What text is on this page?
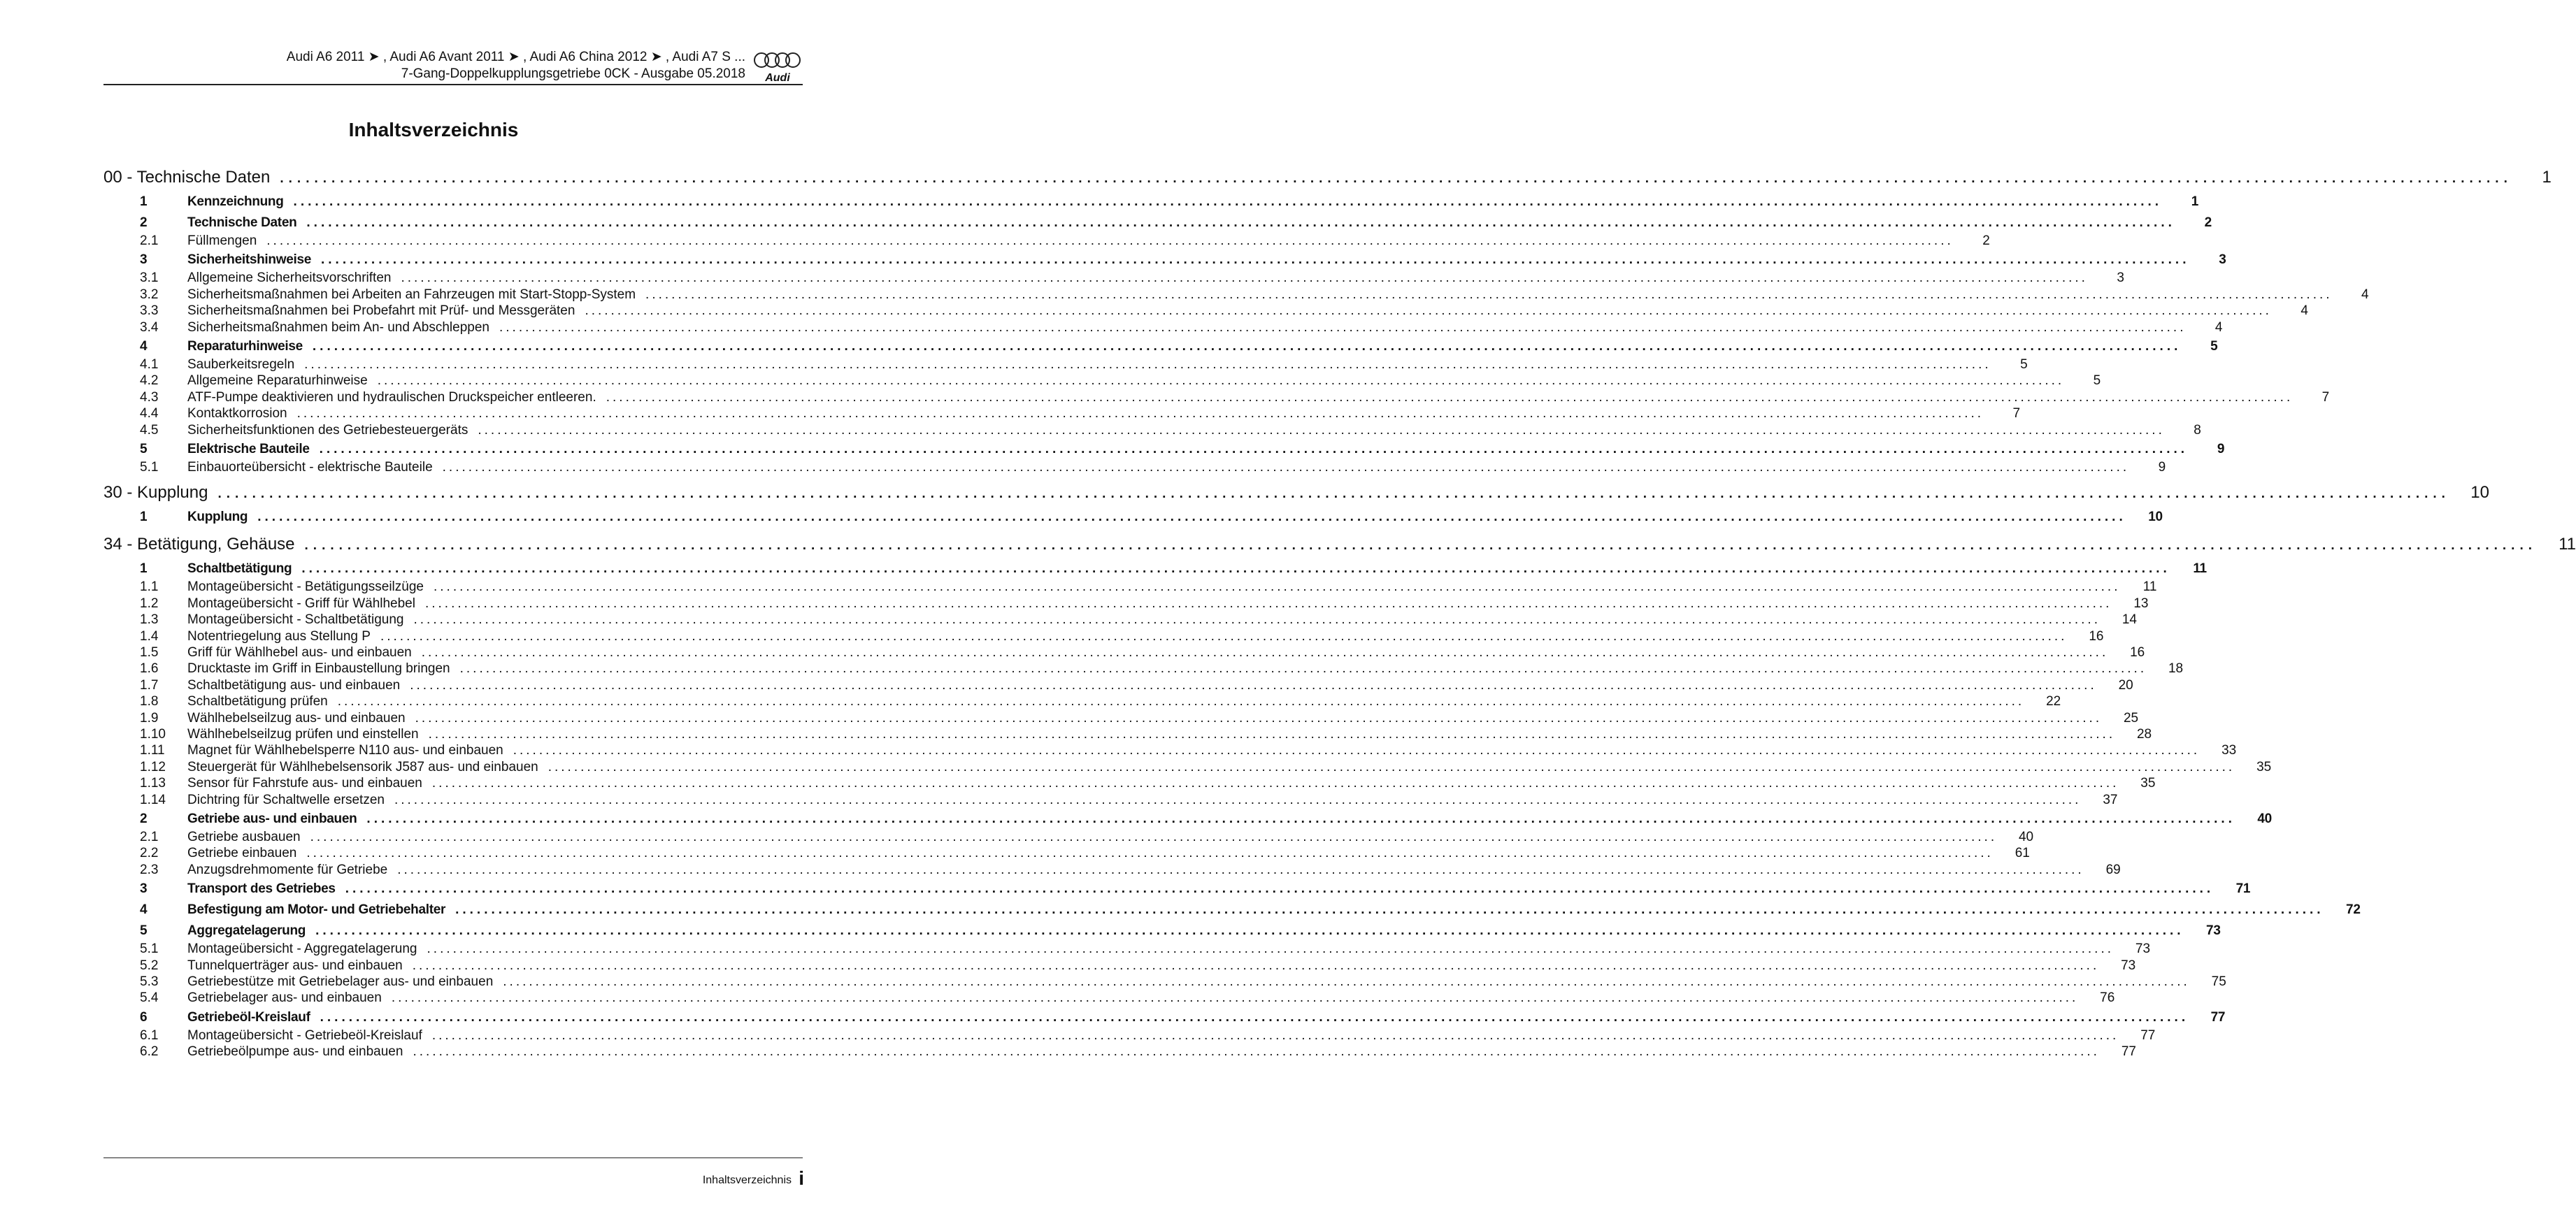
Audi A6 2011 ➤ , Audi A6 Avant 2011 ➤ , Audi A6 China 2012 ➤ , Audi A7 S ...
7-Gang-Doppelkupplungsgetriebe 0CK - Ausgabe 05.2018 Audi
Inhaltsverzeichnis
00 - Technische Daten ....................................................................................................................................................................................................................................................................	1
1	Kennzeichnung ....................................................................................................................................................................................................................................................................	1
2	Technische Daten ....................................................................................................................................................................................................................................................................	2
2.1	Füllmengen ....................................................................................................................................................................................................................................................................	2
3	Sicherheitshinweise ....................................................................................................................................................................................................................................................................	3
3.1	Allgemeine Sicherheitsvorschriften ....................................................................................................................................................................................................................................................................	3
3.2	Sicherheitsmaßnahmen bei Arbeiten an Fahrzeugen mit Start-Stopp-System ....................................................................................................................................................................................................................................................................	4
3.3	Sicherheitsmaßnahmen bei Probefahrt mit Prüf- und Messgeräten ....................................................................................................................................................................................................................................................................	4
3.4	Sicherheitsmaßnahmen beim An- und Abschleppen ....................................................................................................................................................................................................................................................................	4
4	Reparaturhinweise ....................................................................................................................................................................................................................................................................	5
4.1	Sauberkeitsregeln ....................................................................................................................................................................................................................................................................	5
4.2	Allgemeine Reparaturhinweise ....................................................................................................................................................................................................................................................................	5
4.3	ATF-Pumpe deaktivieren und hydraulischen Druckspeicher entleeren. ....................................................................................................................................................................................................................................................................	7
4.4	Kontaktkorrosion ....................................................................................................................................................................................................................................................................	7
4.5	Sicherheitsfunktionen des Getriebesteuergeräts ....................................................................................................................................................................................................................................................................	8
5	Elektrische Bauteile ....................................................................................................................................................................................................................................................................	9
5.1	Einbauorteübersicht - elektrische Bauteile ....................................................................................................................................................................................................................................................................	9
30 - Kupplung ....................................................................................................................................................................................................................................................................	10
1	Kupplung ....................................................................................................................................................................................................................................................................	10
34 - Betätigung, Gehäuse ....................................................................................................................................................................................................................................................................	11
1	Schaltbetätigung ....................................................................................................................................................................................................................................................................	11
1.1	Montageübersicht - Betätigungsseilzüge ....................................................................................................................................................................................................................................................................	11
1.2	Montageübersicht - Griff für Wählhebel ....................................................................................................................................................................................................................................................................	13
1.3	Montageübersicht - Schaltbetätigung ....................................................................................................................................................................................................................................................................	14
1.4	Notentriegelung aus Stellung P ....................................................................................................................................................................................................................................................................	16
1.5	Griff für Wählhebel aus- und einbauen ....................................................................................................................................................................................................................................................................	16
1.6	Drucktaste im Griff in Einbaustellung bringen ....................................................................................................................................................................................................................................................................	18
1.7	Schaltbetätigung aus- und einbauen ....................................................................................................................................................................................................................................................................	20
1.8	Schaltbetätigung prüfen ....................................................................................................................................................................................................................................................................	22
1.9	Wählhebelseilzug aus- und einbauen ....................................................................................................................................................................................................................................................................	25
1.10	Wählhebelseilzug prüfen und einstellen ....................................................................................................................................................................................................................................................................	28
1.11	Magnet für Wählhebelsperre N110 aus- und einbauen ....................................................................................................................................................................................................................................................................	33
1.12	Steuergerät für Wählhebelsensorik J587 aus- und einbauen ....................................................................................................................................................................................................................................................................	35
1.13	Sensor für Fahrstufe aus- und einbauen ....................................................................................................................................................................................................................................................................	35
1.14	Dichtring für Schaltwelle ersetzen ....................................................................................................................................................................................................................................................................	37
2	Getriebe aus- und einbauen ....................................................................................................................................................................................................................................................................	40
2.1	Getriebe ausbauen ....................................................................................................................................................................................................................................................................	40
2.2	Getriebe einbauen ....................................................................................................................................................................................................................................................................	61
2.3	Anzugsdrehmomente für Getriebe ....................................................................................................................................................................................................................................................................	69
3	Transport des Getriebes ....................................................................................................................................................................................................................................................................	71
4	Befestigung am Motor- und Getriebehalter ....................................................................................................................................................................................................................................................................	72
5	Aggregatelagerung ....................................................................................................................................................................................................................................................................	73
5.1	Montageübersicht - Aggregatelagerung ....................................................................................................................................................................................................................................................................	73
5.2	Tunnelquerträger aus- und einbauen ....................................................................................................................................................................................................................................................................	73
5.3	Getriebestütze mit Getriebelager aus- und einbauen ....................................................................................................................................................................................................................................................................	75
5.4	Getriebelager aus- und einbauen ....................................................................................................................................................................................................................................................................	76
6	Getriebeöl-Kreislauf ....................................................................................................................................................................................................................................................................	77
6.1	Montageübersicht - Getriebeöl-Kreislauf ....................................................................................................................................................................................................................................................................	77
6.2	Getriebeölpumpe aus- und einbauen ....................................................................................................................................................................................................................................................................	77
Inhaltsverzeichnis i
